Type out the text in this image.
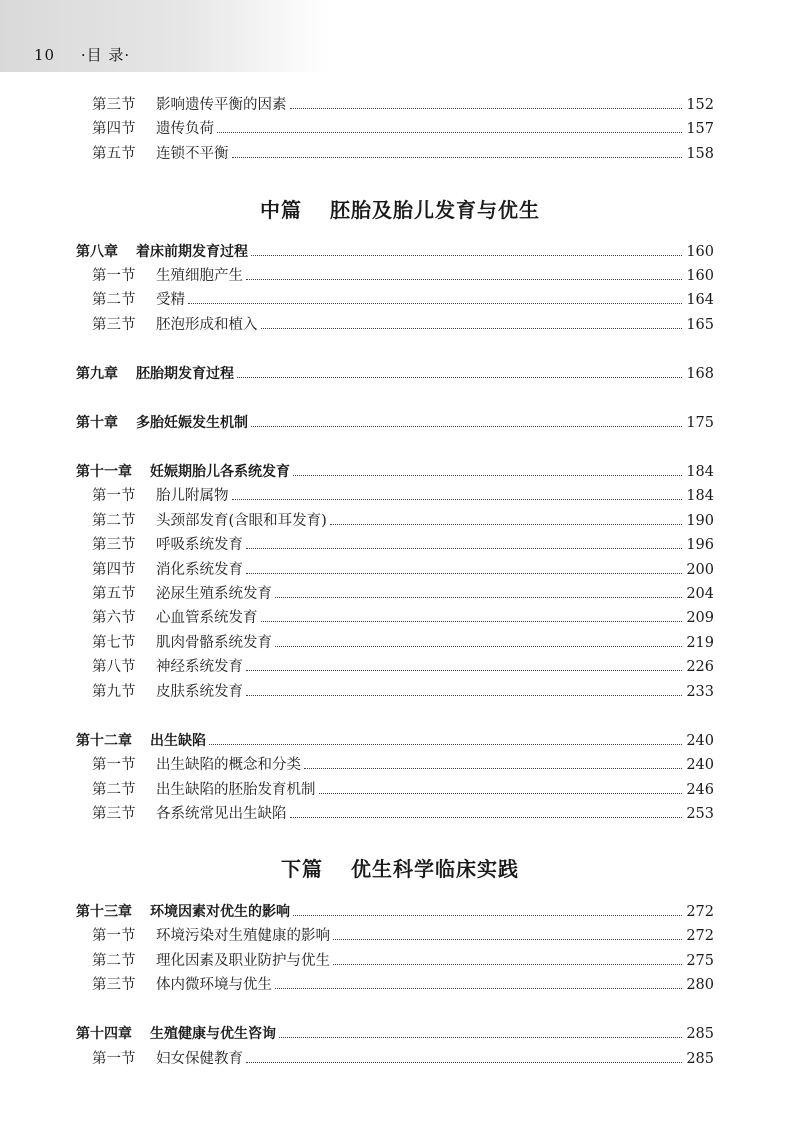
10 ·目 录·
第三节	影响遗传平衡的因素	152
第四节	遗传负荷	157
第五节	连锁不平衡	158
中篇 胚胎及胎儿发育与优生
第八章 着床前期发育过程	160
第一节	生殖细胞产生	160
第二节	受精	164
第三节	胚泡形成和植入	165
第九章 胚胎期发育过程	168
第十章 多胎妊娠发生机制	175
第十一章 妊娠期胎儿各系统发育	184
第一节	胎儿附属物	184
第二节	头颈部发育(含眼和耳发育)	190
第三节	呼吸系统发育	196
第四节	消化系统发育	200
第五节	泌尿生殖系统发育	204
第六节	心血管系统发育	209
第七节	肌肉骨骼系统发育	219
第八节	神经系统发育	226
第九节	皮肤系统发育	233
第十二章 出生缺陷	240
第一节	出生缺陷的概念和分类	240
第二节	出生缺陷的胚胎发育机制	246
第三节	各系统常见出生缺陷	253
下篇 优生科学临床实践
第十三章 环境因素对优生的影响	272
第一节	环境污染对生殖健康的影响	272
第二节	理化因素及职业防护与优生	275
第三节	体内微环境与优生	280
第十四章 生殖健康与优生咨询	285
第一节	妇女保健教育	285
